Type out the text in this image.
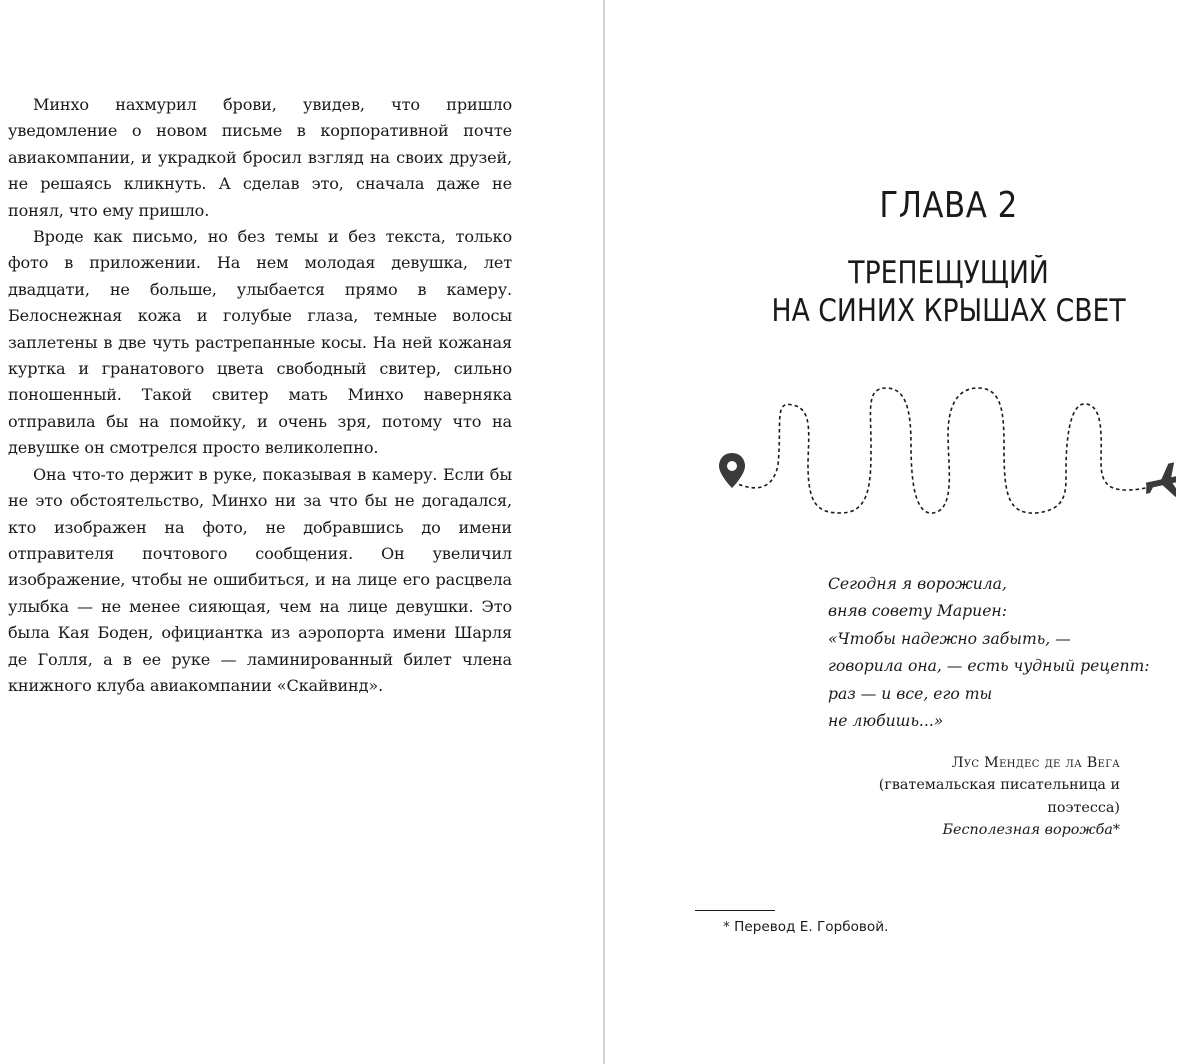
Минхо нахмурил брови, увидев, что пришло уведомление о новом письме в корпоративной почте авиакомпании, и украдкой бросил взгляд на своих друзей, не решаясь кликнуть. А сделав это, сначала даже не понял, что ему пришло.

Вроде как письмо, но без темы и без текста, только фото в приложении. На нем молодая девушка, лет двадцати, не больше, улыбается прямо в камеру. Белоснежная кожа и голубые глаза, темные волосы заплетены в две чуть растрепанные косы. На ней кожаная куртка и гранатового цвета свободный свитер, сильно поношенный. Такой свитер мать Минхо наверняка отправила бы на помойку, и очень зря, потому что на девушке он смотрелся просто великолепно.

Она что-то держит в руке, показывая в камеру. Если бы не это обстоятельство, Минхо ни за что бы не догадался, кто изображен на фото, не добравшись до имени отправителя почтового сообщения. Он увеличил изображение, чтобы не ошибиться, и на лице его расцвела улыбка — не менее сияющая, чем на лице девушки. Это была Кая Боден, официантка из аэропорта имени Шарля де Голля, а в ее руке — ламинированный билет члена книжного клуба авиакомпании «Скайвинд».

ГЛАВА 2
ТРЕПЕЩУЩИЙ
НА СИНИХ КРЫШАХ СВЕТ
Сегодня я ворожила,
вняв совету Мариен:
«Чтобы надежно забыть, —
говорила она, — есть чудный рецепт:
раз — и все, его ты
не любишь...»
Лус Мендес де ла Вега
(гватемальская писательница и поэтесса)
Бесполезная ворожба*
* Перевод Е. Горбовой.
